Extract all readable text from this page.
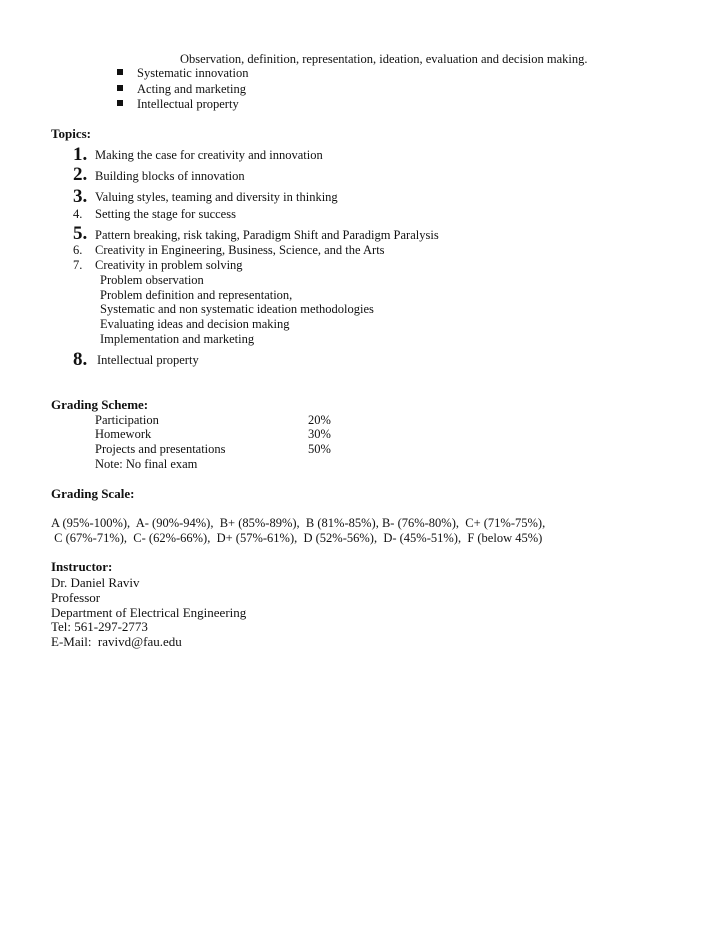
Observation, definition, representation, ideation, evaluation and decision making.
Systematic innovation
Acting and marketing
Intellectual property
Topics:
1. Making the case for creativity and innovation
2. Building blocks of innovation
3. Valuing styles, teaming and diversity in thinking
4. Setting the stage for success
5. Pattern breaking, risk taking, Paradigm Shift and Paradigm Paralysis
6. Creativity in Engineering, Business, Science, and the Arts
7. Creativity in problem solving
Problem observation
Problem definition and representation,
Systematic and non systematic ideation methodologies
Evaluating ideas and decision making
Implementation and marketing
8. Intellectual property
Grading Scheme:
Participation	20%
Homework	30%
Projects and presentations	50%
Note: No final exam
Grading Scale:
A (95%-100%),  A- (90%-94%),  B+ (85%-89%),  B (81%-85%), B- (76%-80%),  C+ (71%-75%),
C (67%-71%),  C- (62%-66%),  D+ (57%-61%),  D (52%-56%),  D- (45%-51%),  F (below 45%)
Instructor:
Dr. Daniel Raviv
Professor
Department of Electrical Engineering
Tel: 561-297-2773
E-Mail:  ravivd@fau.edu
